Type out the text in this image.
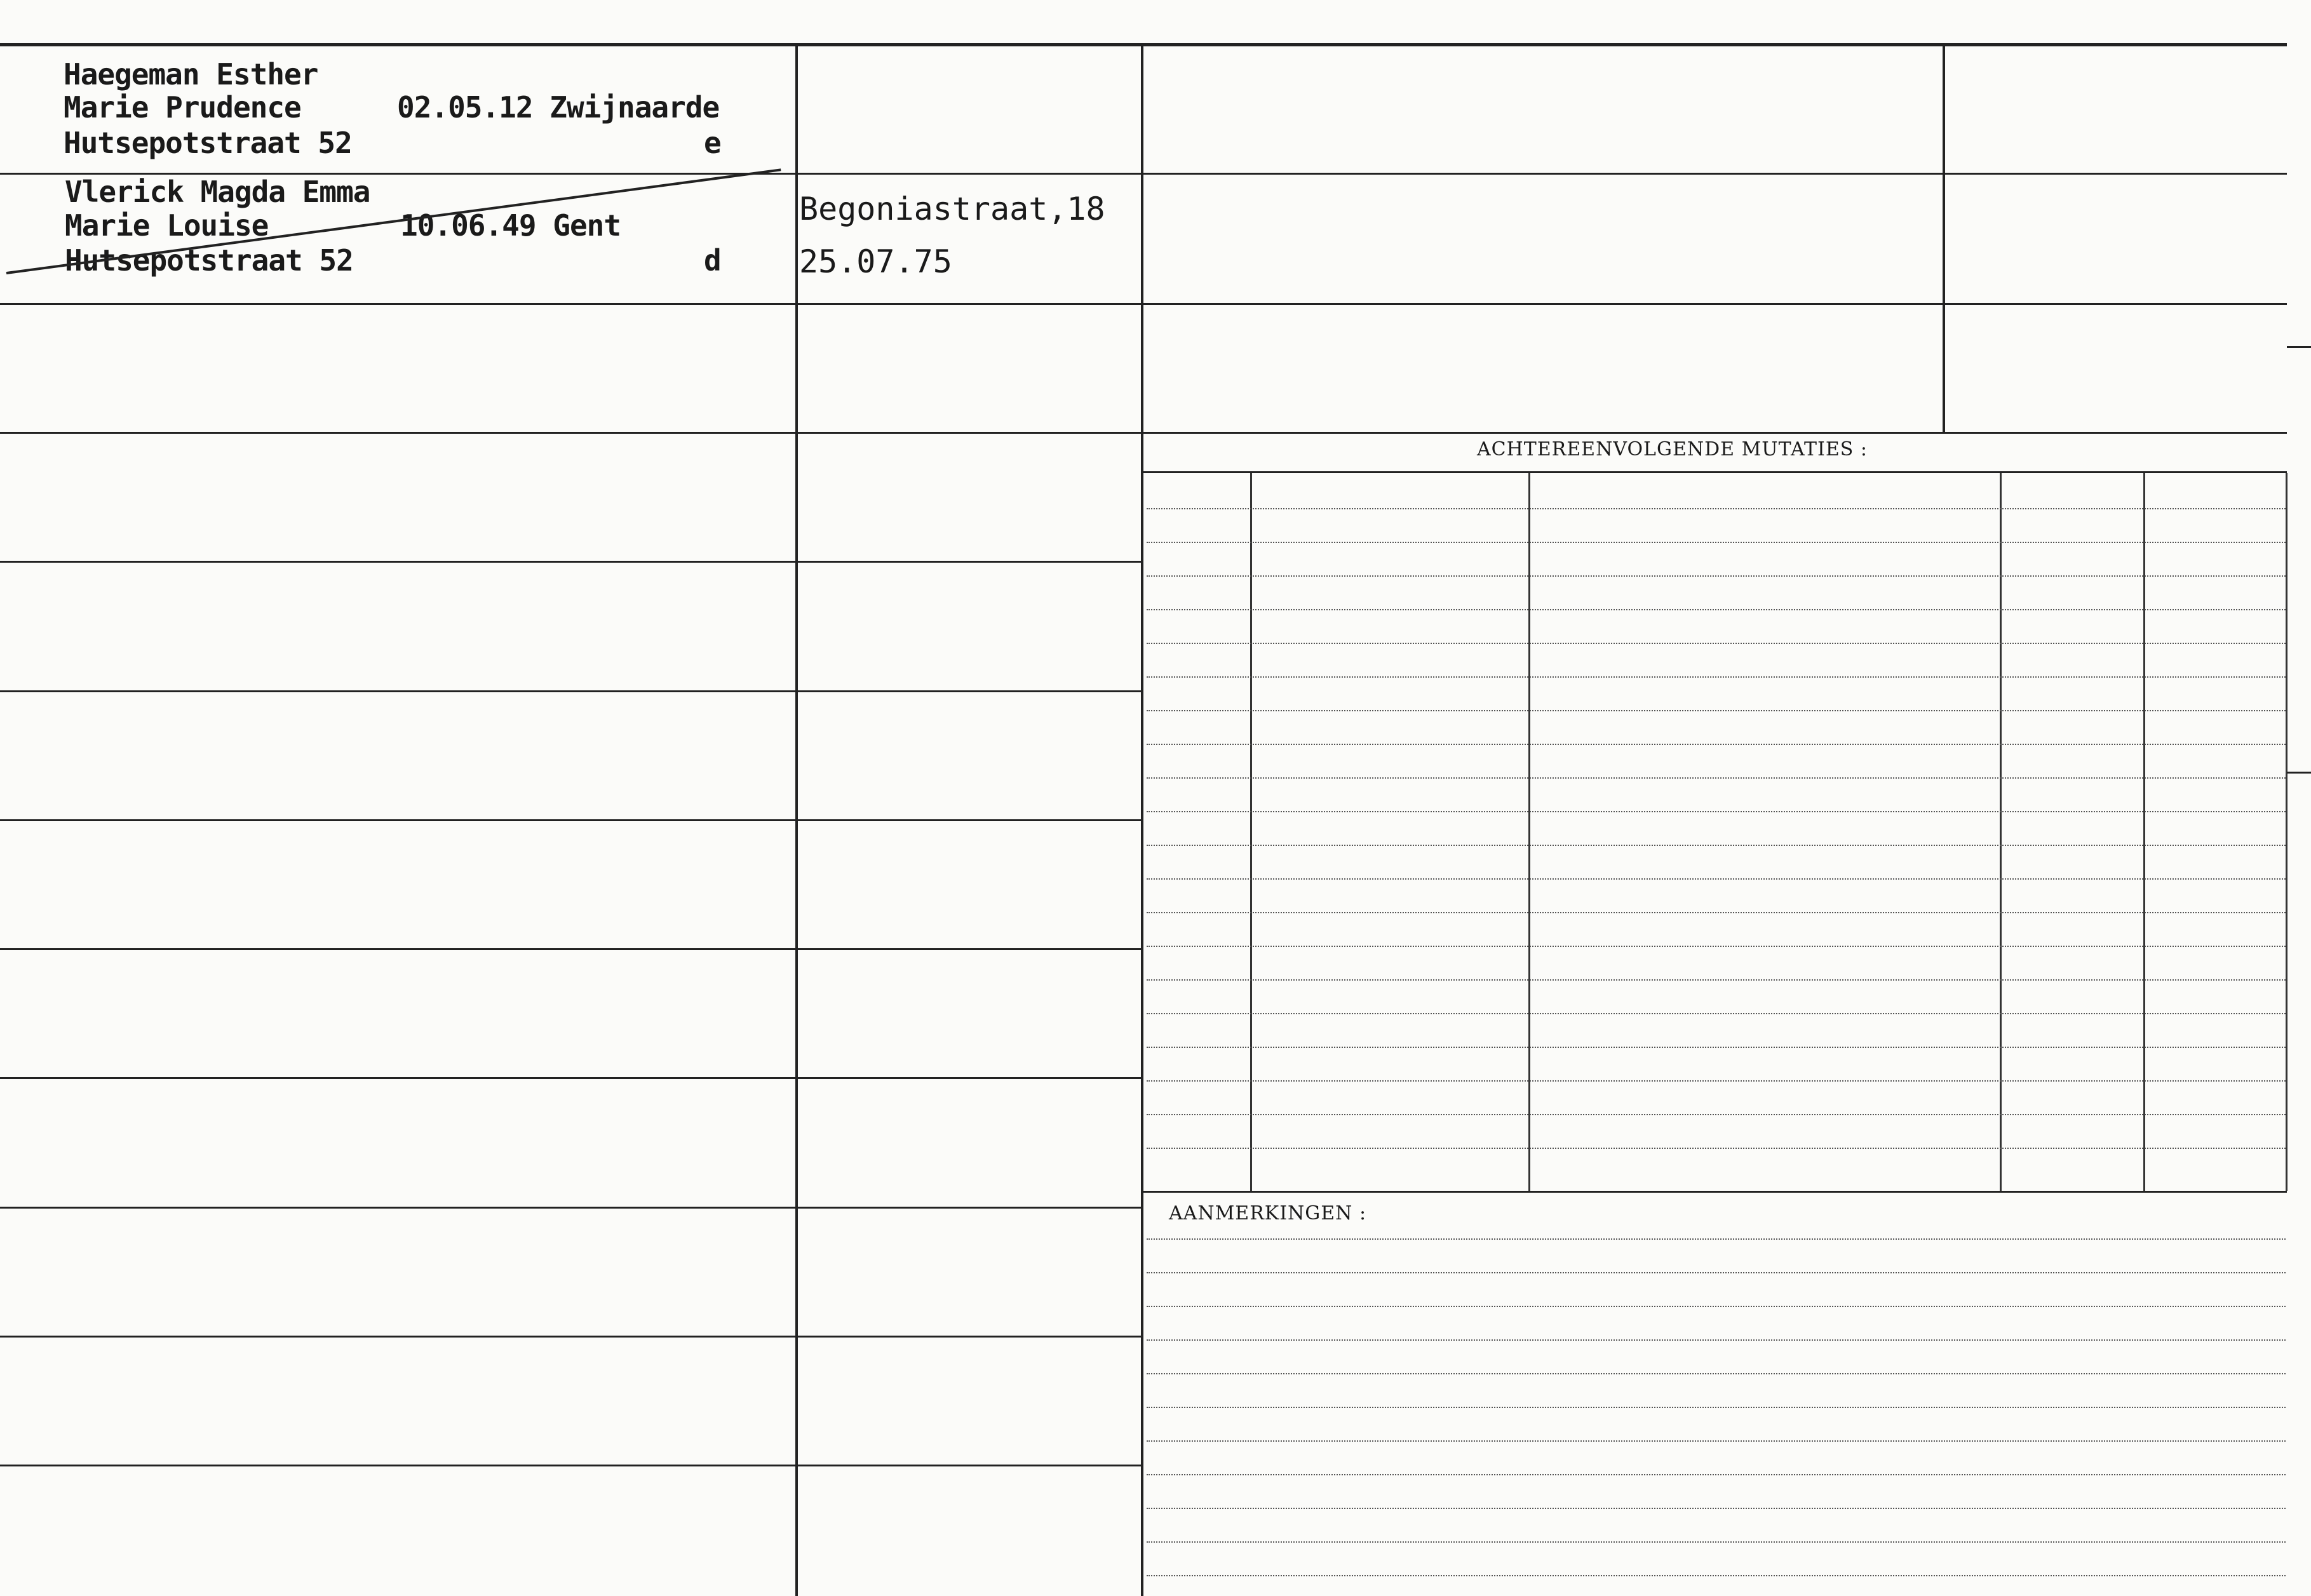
ACHTEREENVOLGENDE MUTATIES :
AANMERKINGEN :
Haegeman Esther
Marie Prudence	02.05.12 Zwijnaarde
Hutsepotstraat 52	e
Vlerick Magda Emma
Marie Louise	10.06.49 Gent
Hutsepotstraat 52	d
Begoniastraat,18
25.07.75
